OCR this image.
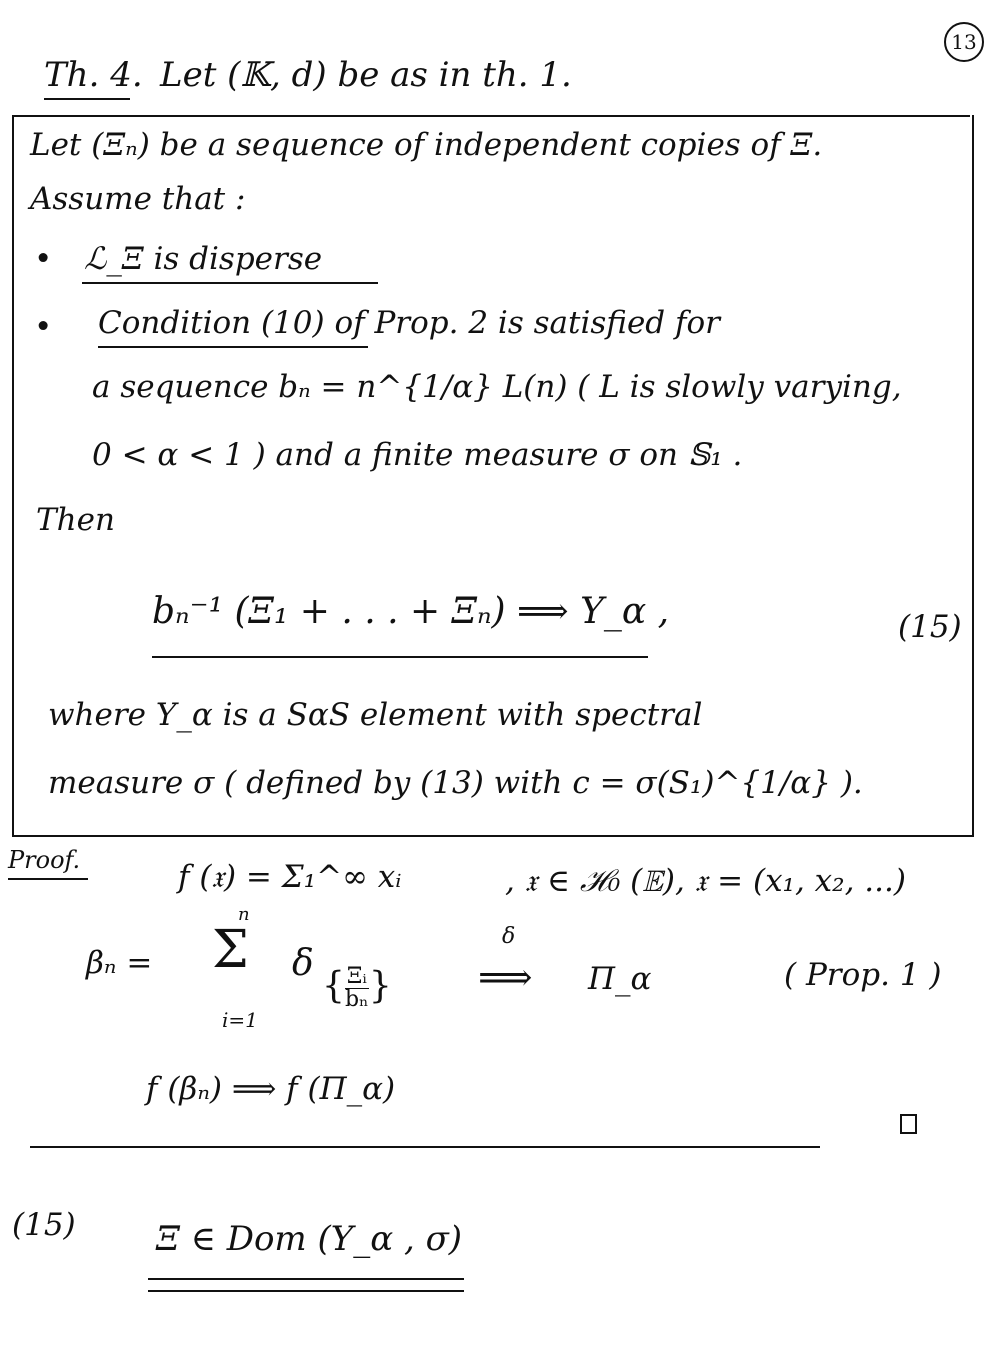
13
Th. 4. Let (𝕂, d) be as in th. 1.
Let (Ξₙ) be a sequence of independent copies of Ξ.
Assume that :
• ℒ_Ξ is disperse
• Condition (10) of Prop. 2 is satisfied for
a sequence bₙ = n^{1/α} L(n) ( L is slowly varying,
0 < α < 1 ) and a finite measure σ on 𝕊₁ .
Then
bₙ⁻¹ (Ξ₁ + . . . + Ξₙ) ⟹ Y_α ,	(15)
where Y_α is a SαS element with spectral
measure σ ( defined by (13) with c = σ(S₁)^{1/α} ).
Proof.	f (𝔵) = Σ₁^∞ xᵢ	, 𝔵 ∈ ℋ₀ (𝔼), 𝔵 = (x₁, x₂, ...)
βₙ =
n
Σ
i=1
δ
{ $\frac{\text{Ξᵢ}}{\text{bₙ}}$ }
δ
⟹ Π_α	( Prop. 1 )
f (βₙ) ⟹ f (Π_α)
(15) Ξ ∈ Dom (Y_α , σ)
